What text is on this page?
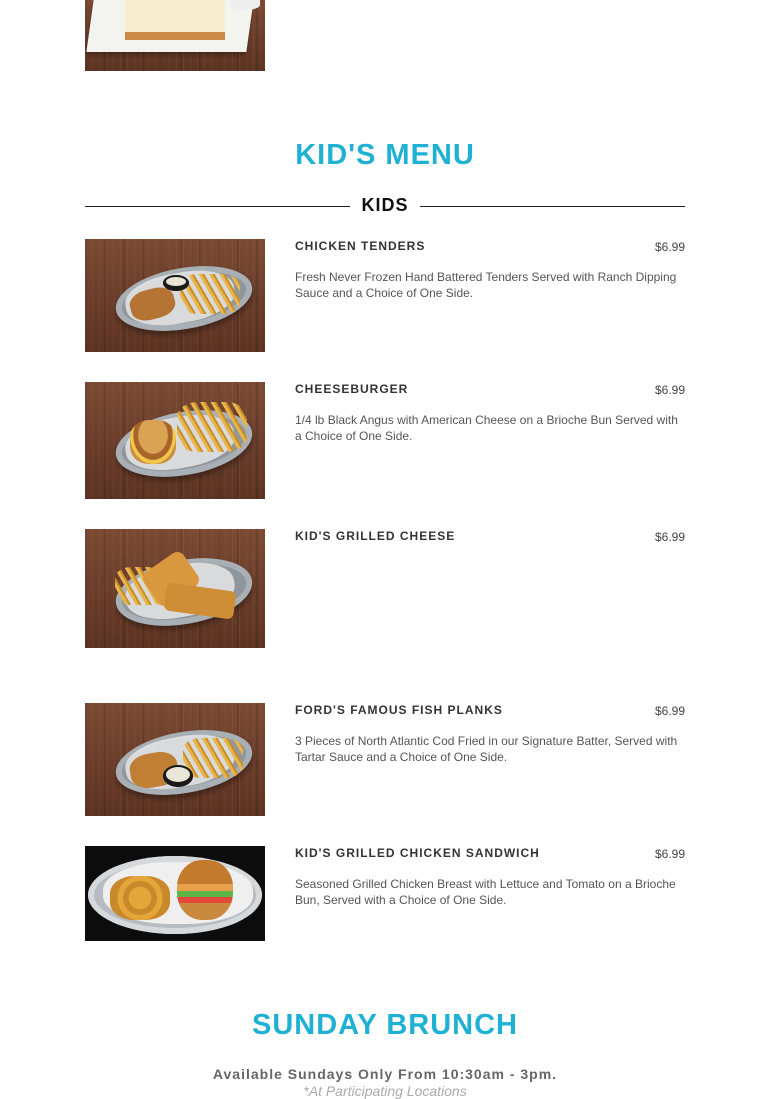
KID'S MENU
KIDS
CHICKEN TENDERS	$6.99
Fresh Never Frozen Hand Battered Tenders Served with Ranch Dipping Sauce and a Choice of One Side.
CHEESEBURGER	$6.99
1/4 lb Black Angus with American Cheese on a Brioche Bun Served with a Choice of One Side.
KID'S GRILLED CHEESE	$6.99
FORD'S FAMOUS FISH PLANKS	$6.99
3 Pieces of North Atlantic Cod Fried in our Signature Batter, Served with Tartar Sauce and a Choice of One Side.
KID'S GRILLED CHICKEN SANDWICH	$6.99
Seasoned Grilled Chicken Breast with Lettuce and Tomato on a Brioche Bun, Served with a Choice of One Side.
SUNDAY BRUNCH
Available Sundays Only From 10:30am - 3pm.
*At Participating Locations
